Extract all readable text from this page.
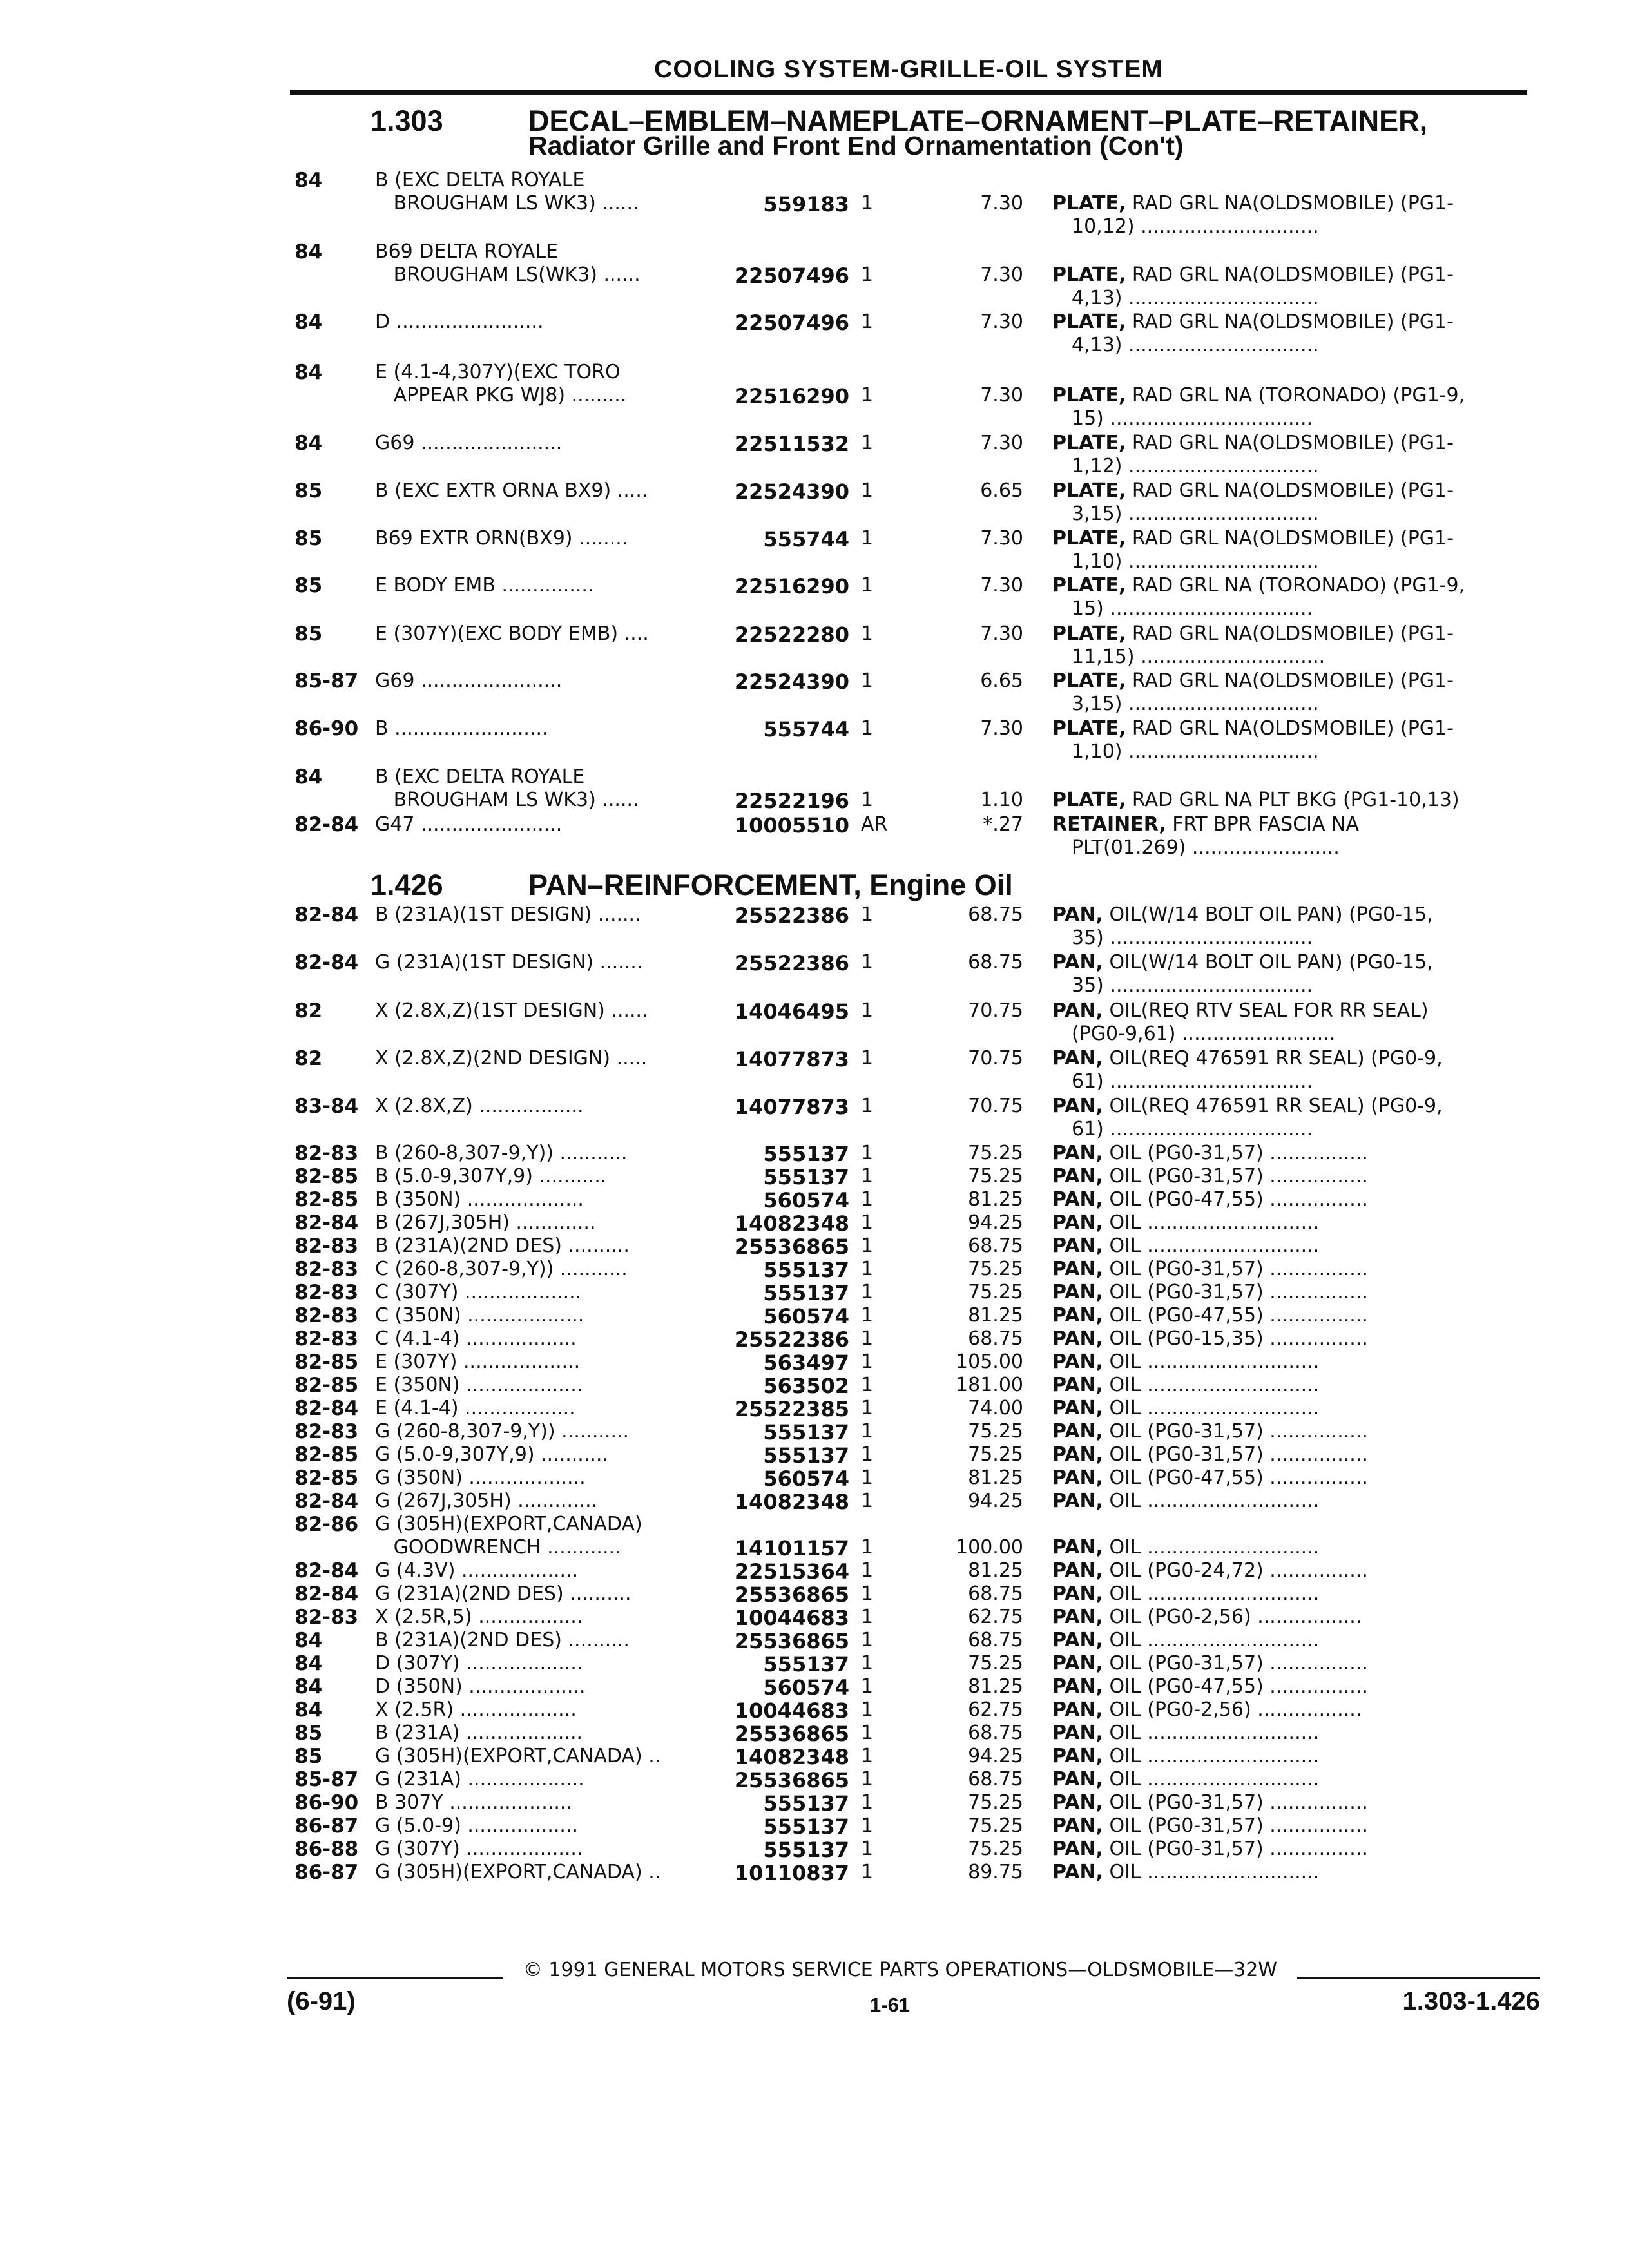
COOLING SYSTEM-GRILLE-OIL SYSTEM
1.303	DECAL–EMBLEM–NAMEPLATE–ORNAMENT–PLATE–RETAINER,
Radiator Grille and Front End Ornamentation (Con't)
1.426	PAN–REINFORCEMENT, Engine Oil
84	B (EXC DELTA ROYALE
BROUGHAM LS WK3) ......	559183 1	7.30 PLATE, RAD GRL NA(OLDSMOBILE) (PG1-
10,12) .............................
84	B69 DELTA ROYALE
BROUGHAM LS(WK3) ......	22507496 1	7.30 PLATE, RAD GRL NA(OLDSMOBILE) (PG1-
4,13) ...............................
84	D ........................	22507496 1	7.30 PLATE, RAD GRL NA(OLDSMOBILE) (PG1-
4,13) ...............................
84	E (4.1-4,307Y)(EXC TORO
APPEAR PKG WJ8) .........	22516290 1	7.30 PLATE, RAD GRL NA (TORONADO) (PG1-9,
15) .................................
84	G69 .......................	22511532 1	7.30 PLATE, RAD GRL NA(OLDSMOBILE) (PG1-
1,12) ...............................
85	B (EXC EXTR ORNA BX9) .....	22524390 1	6.65 PLATE, RAD GRL NA(OLDSMOBILE) (PG1-
3,15) ...............................
85	B69 EXTR ORN(BX9) ........	555744 1	7.30 PLATE, RAD GRL NA(OLDSMOBILE) (PG1-
1,10) ...............................
85	E BODY EMB ...............	22516290 1	7.30 PLATE, RAD GRL NA (TORONADO) (PG1-9,
15) .................................
85	E (307Y)(EXC BODY EMB) ....	22522280 1	7.30 PLATE, RAD GRL NA(OLDSMOBILE) (PG1-
11,15) ..............................
85-87 G69 .......................	22524390 1	6.65 PLATE, RAD GRL NA(OLDSMOBILE) (PG1-
3,15) ...............................
86-90 B .........................	555744 1	7.30 PLATE, RAD GRL NA(OLDSMOBILE) (PG1-
1,10) ...............................
84	B (EXC DELTA ROYALE
BROUGHAM LS WK3) ......	22522196 1	1.10 PLATE, RAD GRL NA PLT BKG (PG1-10,13)
82-84 G47 .......................	10005510 AR	*.27 RETAINER, FRT BPR FASCIA NA
PLT(01.269) ........................
82-84 B (231A)(1ST DESIGN) .......	25522386 1	68.75 PAN, OIL(W/14 BOLT OIL PAN) (PG0-15,
35) .................................
82-84 G (231A)(1ST DESIGN) .......	25522386 1	68.75 PAN, OIL(W/14 BOLT OIL PAN) (PG0-15,
35) .................................
82	X (2.8X,Z)(1ST DESIGN) ......	14046495 1	70.75 PAN, OIL(REQ RTV SEAL FOR RR SEAL)
(PG0-9,61) .........................
82	X (2.8X,Z)(2ND DESIGN) .....	14077873 1	70.75 PAN, OIL(REQ 476591 RR SEAL) (PG0-9,
61) .................................
83-84 X (2.8X,Z) .................	14077873 1	70.75 PAN, OIL(REQ 476591 RR SEAL) (PG0-9,
61) .................................
82-83 B (260-8,307-9,Y)) ...........	555137 1	75.25 PAN, OIL (PG0-31,57) ................
82-85 B (5.0-9,307Y,9) ...........	555137 1	75.25 PAN, OIL (PG0-31,57) ................
82-85 B (350N) ...................	560574 1	81.25 PAN, OIL (PG0-47,55) ................
82-84 B (267J,305H) .............	14082348 1	94.25 PAN, OIL ............................
82-83 B (231A)(2ND DES) ..........	25536865 1	68.75 PAN, OIL ............................
82-83 C (260-8,307-9,Y)) ...........	555137 1	75.25 PAN, OIL (PG0-31,57) ................
82-83 C (307Y) ...................	555137 1	75.25 PAN, OIL (PG0-31,57) ................
82-83 C (350N) ...................	560574 1	81.25 PAN, OIL (PG0-47,55) ................
82-83 C (4.1-4) ..................	25522386 1	68.75 PAN, OIL (PG0-15,35) ................
82-85 E (307Y) ...................	563497 1	105.00 PAN, OIL ............................
82-85 E (350N) ...................	563502 1	181.00 PAN, OIL ............................
82-84 E (4.1-4) ..................	25522385 1	74.00 PAN, OIL ............................
82-83 G (260-8,307-9,Y)) ...........	555137 1	75.25 PAN, OIL (PG0-31,57) ................
82-85 G (5.0-9,307Y,9) ...........	555137 1	75.25 PAN, OIL (PG0-31,57) ................
82-85 G (350N) ...................	560574 1	81.25 PAN, OIL (PG0-47,55) ................
82-84 G (267J,305H) .............	14082348 1	94.25 PAN, OIL ............................
82-86 G (305H)(EXPORT,CANADA)
GOODWRENCH ............	14101157 1	100.00 PAN, OIL ............................
82-84 G (4.3V) ...................	22515364 1	81.25 PAN, OIL (PG0-24,72) ................
82-84 G (231A)(2ND DES) ..........	25536865 1	68.75 PAN, OIL ............................
82-83 X (2.5R,5) .................	10044683 1	62.75 PAN, OIL (PG0-2,56) .................
84	B (231A)(2ND DES) ..........	25536865 1	68.75 PAN, OIL ............................
84	D (307Y) ...................	555137 1	75.25 PAN, OIL (PG0-31,57) ................
84	D (350N) ...................	560574 1	81.25 PAN, OIL (PG0-47,55) ................
84	X (2.5R) ...................	10044683 1	62.75 PAN, OIL (PG0-2,56) .................
85	B (231A) ...................	25536865 1	68.75 PAN, OIL ............................
85	G (305H)(EXPORT,CANADA) ..	14082348 1	94.25 PAN, OIL ............................
85-87 G (231A) ...................	25536865 1	68.75 PAN, OIL ............................
86-90 B 307Y ....................	555137 1	75.25 PAN, OIL (PG0-31,57) ................
86-87 G (5.0-9) ..................	555137 1	75.25 PAN, OIL (PG0-31,57) ................
86-88 G (307Y) ...................	555137 1	75.25 PAN, OIL (PG0-31,57) ................
86-87 G (305H)(EXPORT,CANADA) ..	10110837 1	89.75 PAN, OIL ............................
© 1991 GENERAL MOTORS SERVICE PARTS OPERATIONS—OLDSMOBILE—32W
(6-91)	1-61	1.303-1.426
